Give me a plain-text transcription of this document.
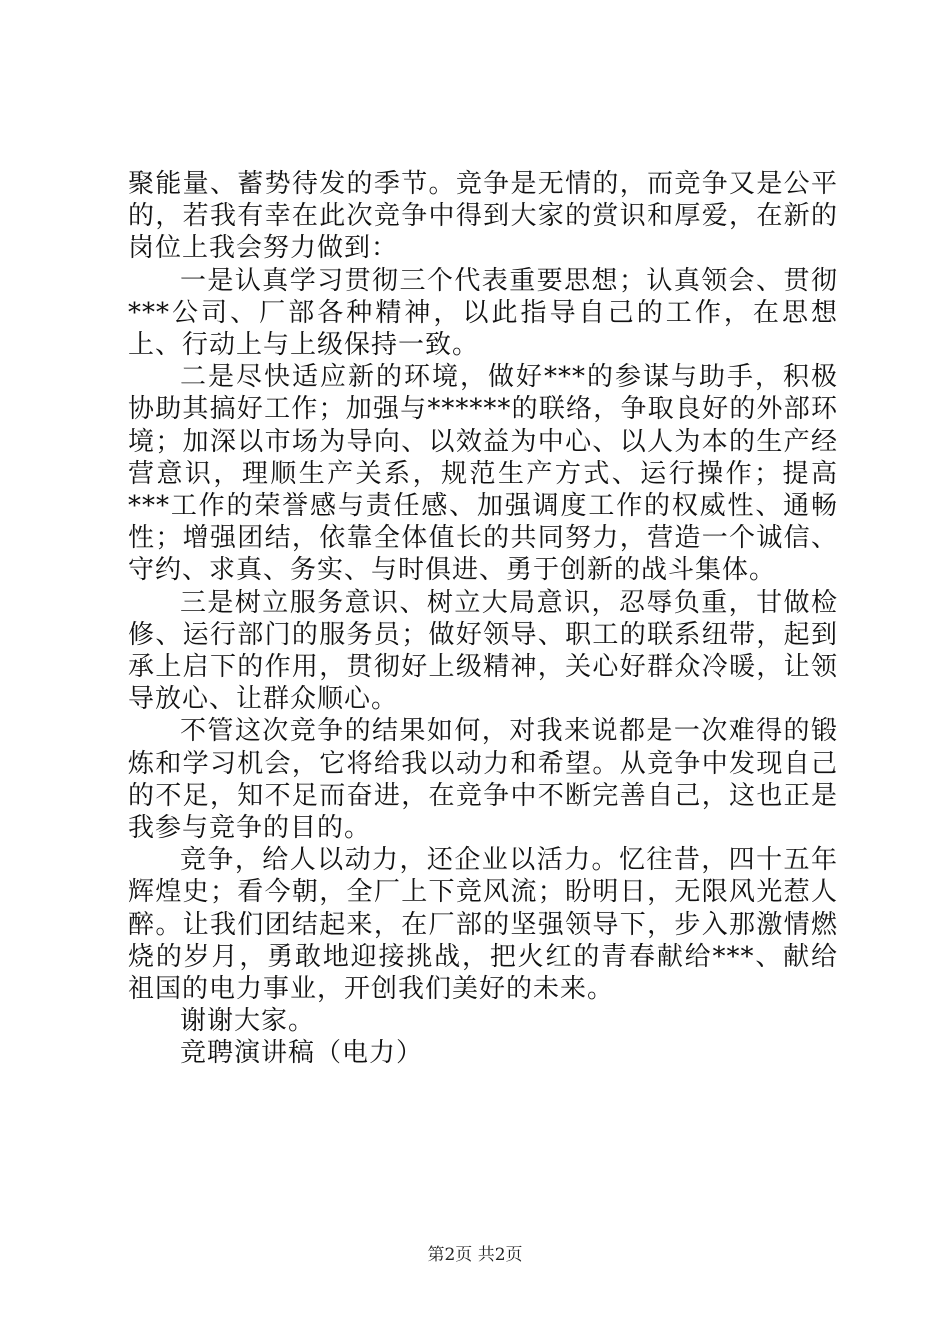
聚能量、蓄势待发的季节。竞争是无情的，而竞争又是公平的，若我有幸在此次竞争中得到大家的赏识和厚爱，在新的岗位上我会努力做到：

一是认真学习贯彻三个代表重要思想；认真领会、贯彻***公司、厂部各种精神，以此指导自己的工作，在思想上、行动上与上级保持一致。

二是尽快适应新的环境，做好***的参谋与助手，积极协助其搞好工作；加强与******的联络，争取良好的外部环境；加深以市场为导向、以效益为中心、以人为本的生产经营意识，理顺生产关系，规范生产方式、运行操作；提高***工作的荣誉感与责任感、加强调度工作的权威性、通畅性；增强团结，依靠全体值长的共同努力，营造一个诚信、守约、求真、务实、与时俱进、勇于创新的战斗集体。

三是树立服务意识、树立大局意识，忍辱负重，甘做检修、运行部门的服务员；做好领导、职工的联系纽带，起到承上启下的作用，贯彻好上级精神，关心好群众冷暖，让领导放心、让群众顺心。

不管这次竞争的结果如何，对我来说都是一次难得的锻炼和学习机会，它将给我以动力和希望。从竞争中发现自己的不足，知不足而奋进，在竞争中不断完善自己，这也正是我参与竞争的目的。

竞争，给人以动力，还企业以活力。忆往昔，四十五年辉煌史；看今朝，全厂上下竞风流；盼明日，无限风光惹人醉。让我们团结起来，在厂部的坚强领导下，步入那激情燃烧的岁月，勇敢地迎接挑战，把火红的青春献给***、献给祖国的电力事业，开创我们美好的未来。

谢谢大家。

竞聘演讲稿（电力）

第2页 共2页
